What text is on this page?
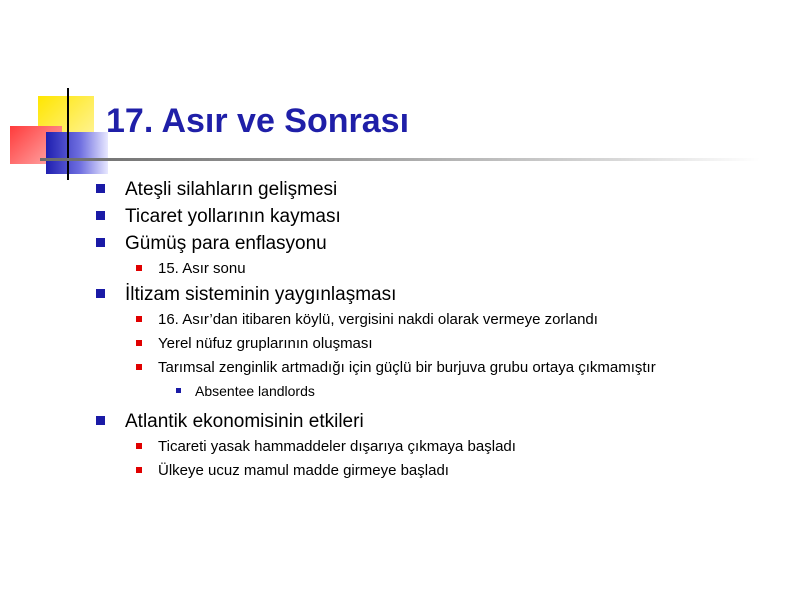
17. Asır ve Sonrası
Ateşli silahların gelişmesi
Ticaret yollarının kayması
Gümüş para enflasyonu
15. Asır sonu
İltizam sisteminin yaygınlaşması
16. Asır’dan itibaren köylü, vergisini nakdi olarak vermeye zorlandı
Yerel nüfuz gruplarının oluşması
Tarımsal zenginlik artmadığı için güçlü bir burjuva grubu ortaya çıkmamıştır
Absentee landlords
Atlantik ekonomisinin etkileri
Ticareti yasak hammaddeler dışarıya çıkmaya başladı
Ülkeye ucuz mamul madde girmeye başladı
